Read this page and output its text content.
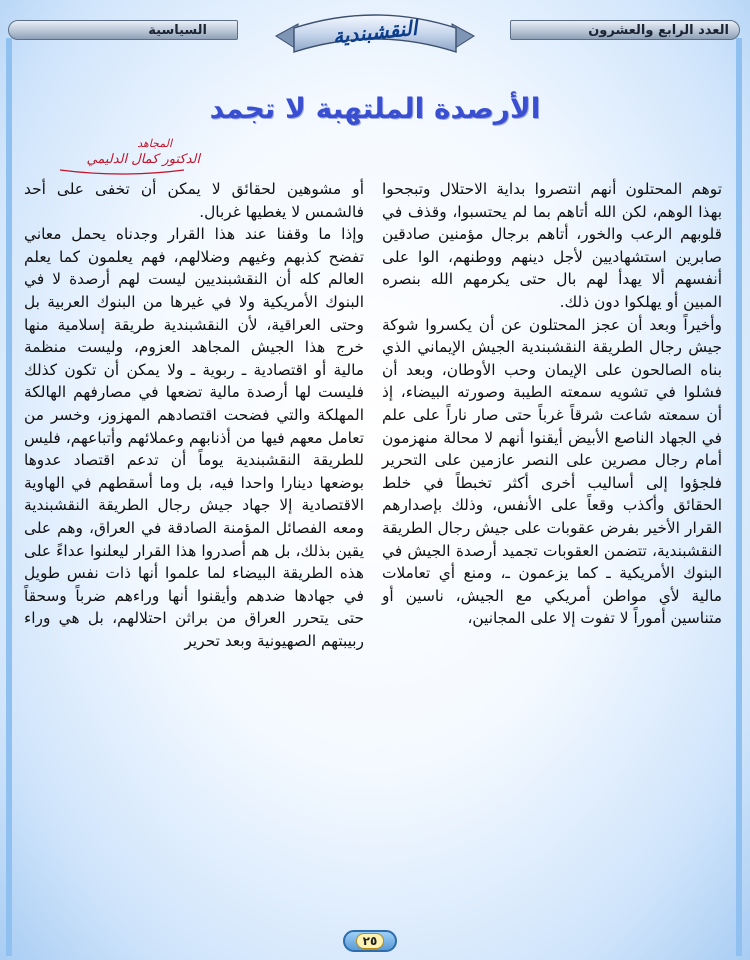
السياسية	العدد الرابع والعشرون
النقشبندية
الأرصدة الملتهبة لا تجمد
المجاهد
الدكتور كمال الدليمي

توهم المحتلون أنهم انتصروا بداية الاحتلال وتبجحوا بهذا الوهم، لكن الله أتاهم بما لم يحتسبوا، وقذف في قلوبهم الرعب والخور، أتاهم برجال مؤمنين صادقين صابرين استشهاديين لأجل دينهم ووطنهم، الوا على أنفسهم ألا يهدأ لهم بال حتى يكرمهم الله بنصره المبين أو يهلكوا دون ذلك.

وأخيراً وبعد أن عجز المحتلون عن أن يكسروا شوكة جيش رجال الطريقة النقشبندية الجيش الإيماني الذي بناه الصالحون على الإيمان وحب الأوطان، وبعد أن فشلوا في تشويه سمعته الطيبة وصورته البيضاء، إذ أن سمعته شاعت شرقاً غرباً حتى صار ناراً على علم في الجهاد الناصع الأبيض أيقنوا أنهم لا محالة منهزمون أمام رجال مصرين على النصر عازمين على التحرير فلجؤوا إلى أساليب أخرى أكثر تخبطاً في خلط الحقائق وأكذب وقعاً على الأنفس، وذلك بإصدارهم القرار الأخير بفرض عقوبات على جيش رجال الطريقة النقشبندية، تتضمن العقوبات تجميد أرصدة الجيش في البنوك الأمريكية ـ كما يزعمون ـ، ومنع أي تعاملات مالية لأي مواطن أمريكي مع الجيش، ناسين أو متناسين أموراً لا تفوت إلا على المجانين،

أو مشوهين لحقائق لا يمكن أن تخفى على أحد فالشمس لا يغطيها غربال.

وإذا ما وقفنا عند هذا القرار وجدناه يحمل معاني تفضح كذبهم وغيهم وضلالهم، فهم يعلمون كما يعلم العالم كله أن النقشبنديين ليست لهم أرصدة لا في البنوك الأمريكية ولا في غيرها من البنوك العربية بل وحتى العراقية، لأن النقشبندية طريقة إسلامية منها خرج هذا الجيش المجاهد العزوم، وليست منظمة مالية أو اقتصادية ـ ربوية ـ ولا يمكن أن تكون كذلك فليست لها أرصدة مالية تضعها في مصارفهم الهالكة المهلكة والتي فضحت اقتصادهم المهزوز، وخسر من تعامل معهم فيها من أذنابهم وعملائهم وأتباعهم، فليس للطريقة النقشبندية يوماً أن تدعم اقتصاد عدوها بوضعها دينارا واحدا فيه، بل وما أسقطهم في الهاوية الاقتصادية إلا جهاد جيش رجال الطريقة النقشبندية ومعه الفصائل المؤمنة الصادقة في العراق، وهم على يقين بذلك، بل هم أصدروا هذا القرار ليعلنوا عداءً على هذه الطريقة البيضاء لما علموا أنها ذات نفس طويل في جهادها ضدهم وأيقنوا أنها وراءهم ضرباً وسحقاً حتى يتحرر العراق من براثن احتلالهم، بل هي وراء ربيبتهم الصهيونية وبعد تحرير

٢٥
